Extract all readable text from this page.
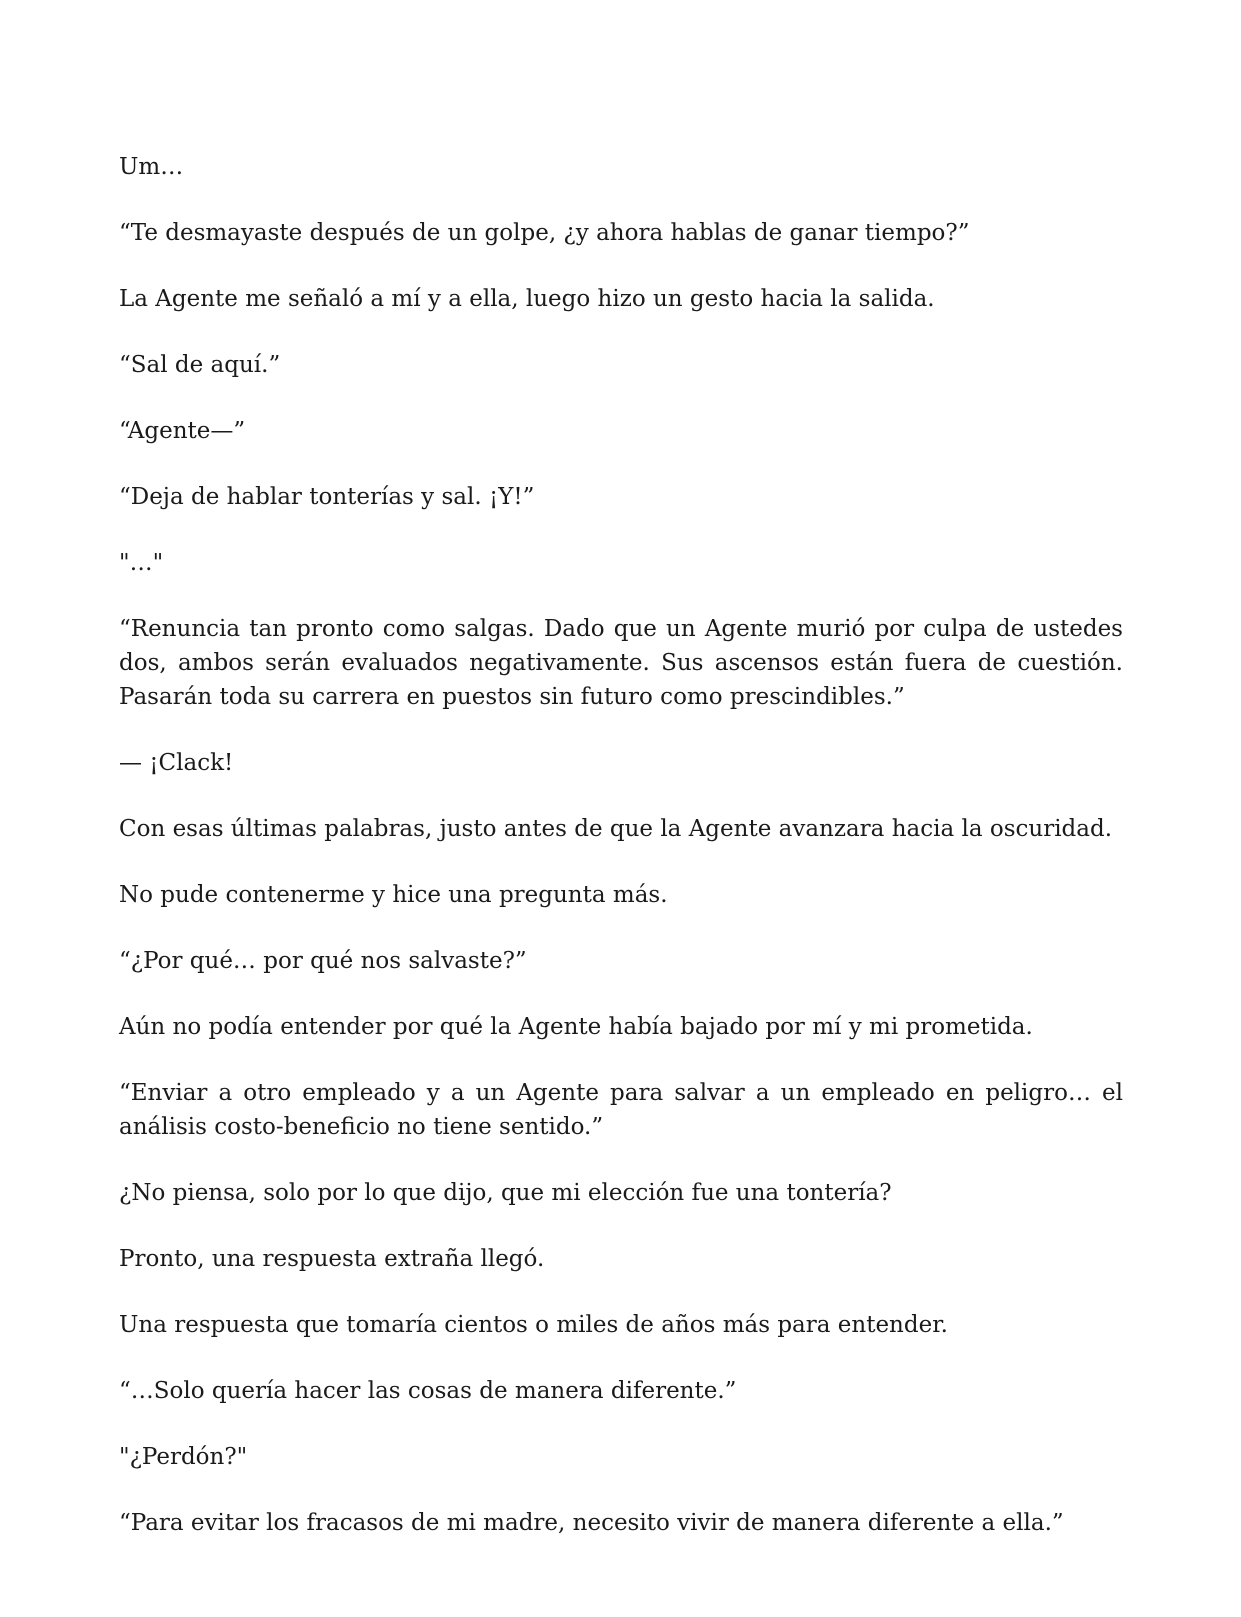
Um…

“Te desmayaste después de un golpe, ¿y ahora hablas de ganar tiempo?”

La Agente me señaló a mí y a ella, luego hizo un gesto hacia la salida.

“Sal de aquí.”

“Agente—”

“Deja de hablar tonterías y sal. ¡Y!”

"…"

“Renuncia tan pronto como salgas. Dado que un Agente murió por culpa de ustedes dos, ambos serán evaluados negativamente. Sus ascensos están fuera de cuestión. Pasarán toda su carrera en puestos sin futuro como prescindibles.”

— ¡Clack!

Con esas últimas palabras, justo antes de que la Agente avanzara hacia la oscuridad.

No pude contenerme y hice una pregunta más.

“¿Por qué… por qué nos salvaste?”

Aún no podía entender por qué la Agente había bajado por mí y mi prometida.

“Enviar a otro empleado y a un Agente para salvar a un empleado en peligro… el análisis costo-beneficio no tiene sentido.”

¿No piensa, solo por lo que dijo, que mi elección fue una tontería?

Pronto, una respuesta extraña llegó.

Una respuesta que tomaría cientos o miles de años más para entender.

“…Solo quería hacer las cosas de manera diferente.”

"¿Perdón?"

“Para evitar los fracasos de mi madre, necesito vivir de manera diferente a ella.”
